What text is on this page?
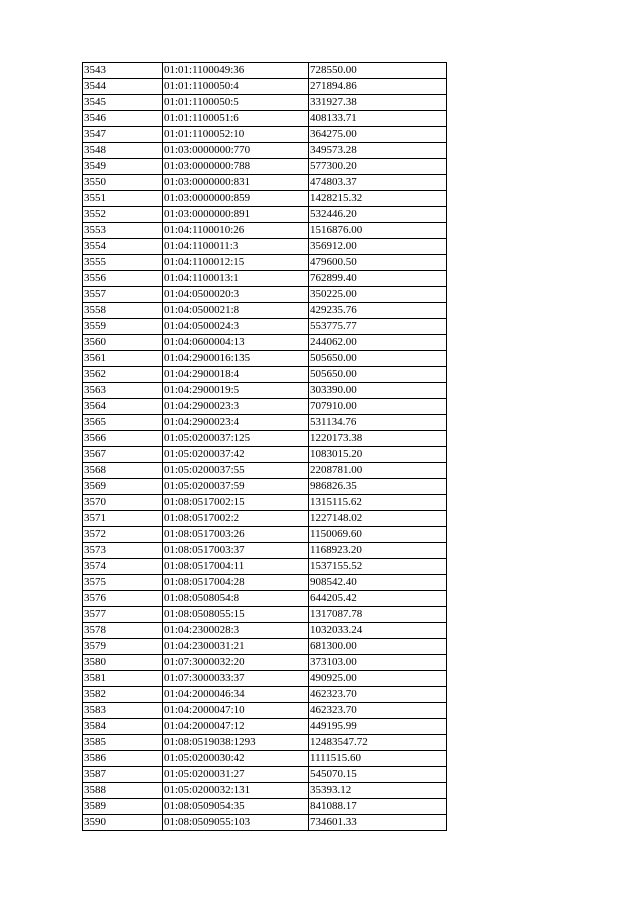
3543	01:01:1100049:36	728550.00
3544	01:01:1100050:4	271894.86
3545	01:01:1100050:5	331927.38
3546	01:01:1100051:6	408133.71
3547	01:01:1100052:10	364275.00
3548	01:03:0000000:770	349573.28
3549	01:03:0000000:788	577300.20
3550	01:03:0000000:831	474803.37
3551	01:03:0000000:859	1428215.32
3552	01:03:0000000:891	532446.20
3553	01:04:1100010:26	1516876.00
3554	01:04:1100011:3	356912.00
3555	01:04:1100012:15	479600.50
3556	01:04:1100013:1	762899.40
3557	01:04:0500020:3	350225.00
3558	01:04:0500021:8	429235.76
3559	01:04:0500024:3	553775.77
3560	01:04:0600004:13	244062.00
3561	01:04:2900016:135	505650.00
3562	01:04:2900018:4	505650.00
3563	01:04:2900019:5	303390.00
3564	01:04:2900023:3	707910.00
3565	01:04:2900023:4	531134.76
3566	01:05:0200037:125	1220173.38
3567	01:05:0200037:42	1083015.20
3568	01:05:0200037:55	2208781.00
3569	01:05:0200037:59	986826.35
3570	01:08:0517002:15	1315115.62
3571	01:08:0517002:2	1227148.02
3572	01:08:0517003:26	1150069.60
3573	01:08:0517003:37	1168923.20
3574	01:08:0517004:11	1537155.52
3575	01:08:0517004:28	908542.40
3576	01:08:0508054:8	644205.42
3577	01:08:0508055:15	1317087.78
3578	01:04:2300028:3	1032033.24
3579	01:04:2300031:21	681300.00
3580	01:07:3000032:20	373103.00
3581	01:07:3000033:37	490925.00
3582	01:04:2000046:34	462323.70
3583	01:04:2000047:10	462323.70
3584	01:04:2000047:12	449195.99
3585	01:08:0519038:1293	12483547.72
3586	01:05:0200030:42	1111515.60
3587	01:05:0200031:27	545070.15
3588	01:05:0200032:131	35393.12
3589	01:08:0509054:35	841088.17
3590	01:08:0509055:103	734601.33
